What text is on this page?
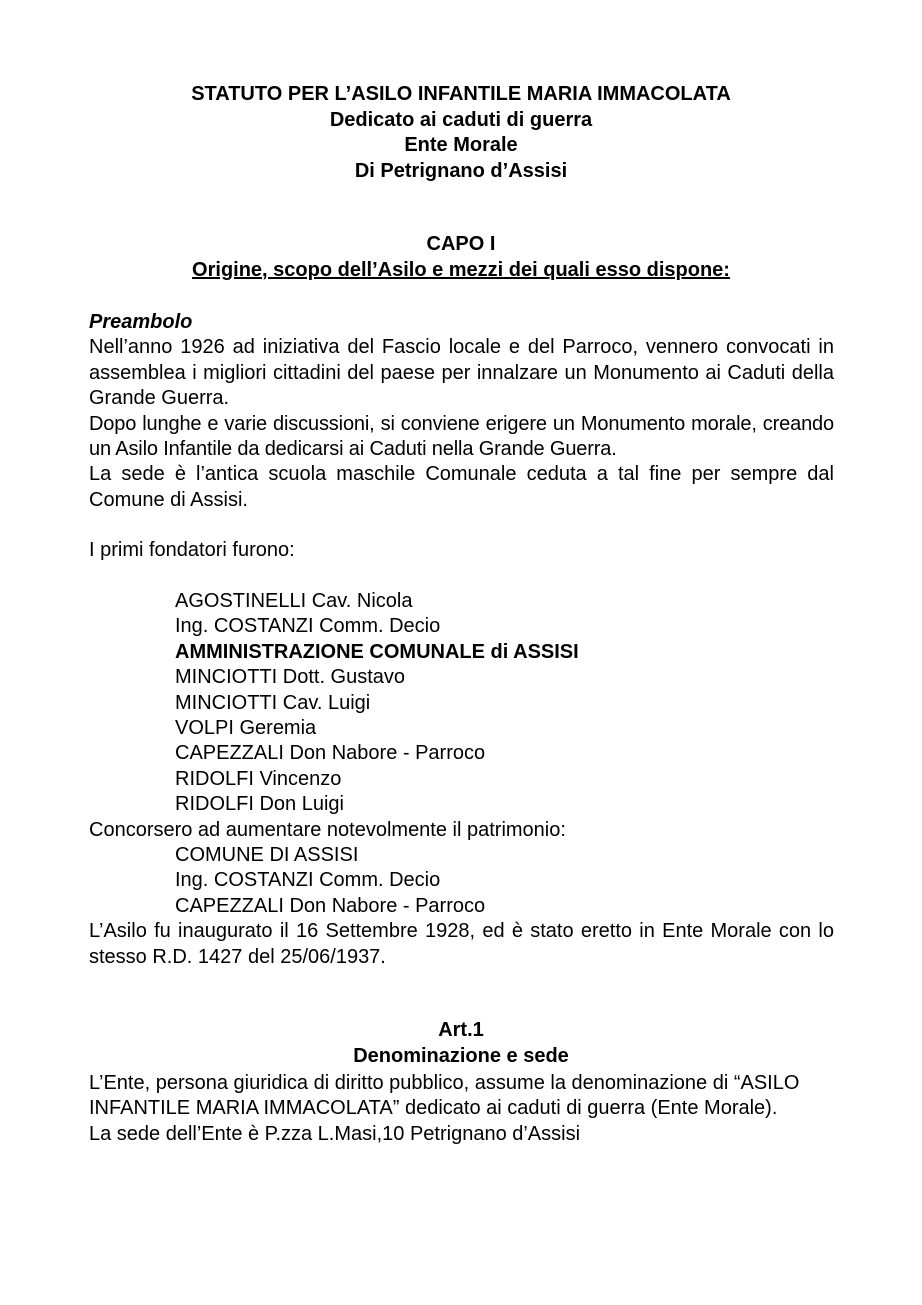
STATUTO PER L’ASILO INFANTILE MARIA IMMACOLATA
Dedicato ai caduti di guerra
Ente Morale
Di Petrignano d’Assisi
CAPO I
Origine, scopo dell’Asilo e mezzi dei quali esso dispone:
Preambolo
Nell’anno 1926 ad iniziativa del Fascio locale e del Parroco, vennero convocati in assemblea i migliori cittadini del paese per innalzare un Monumento ai Caduti della Grande Guerra.
Dopo lunghe e varie discussioni, si conviene erigere un Monumento morale, creando un Asilo Infantile da dedicarsi ai Caduti nella Grande Guerra.
La sede è l’antica scuola maschile Comunale ceduta a tal fine per sempre dal Comune di Assisi.
I primi fondatori furono:
AGOSTINELLI Cav. Nicola
Ing. COSTANZI Comm. Decio
AMMINISTRAZIONE COMUNALE di ASSISI
MINCIOTTI Dott. Gustavo
MINCIOTTI Cav. Luigi
VOLPI Geremia
CAPEZZALI Don Nabore - Parroco
RIDOLFI Vincenzo
RIDOLFI Don Luigi
Concorsero ad aumentare notevolmente il patrimonio:
COMUNE DI ASSISI
Ing. COSTANZI Comm. Decio
CAPEZZALI Don Nabore - Parroco
L’Asilo fu inaugurato il 16 Settembre 1928, ed è stato eretto in Ente Morale con lo stesso R.D. 1427 del 25/06/1937.
Art.1
Denominazione e sede
L’Ente, persona giuridica di diritto pubblico, assume la denominazione di “ASILO INFANTILE MARIA IMMACOLATA” dedicato ai caduti di guerra (Ente Morale).
La sede dell’Ente è P.zza L.Masi,10 Petrignano d’Assisi
